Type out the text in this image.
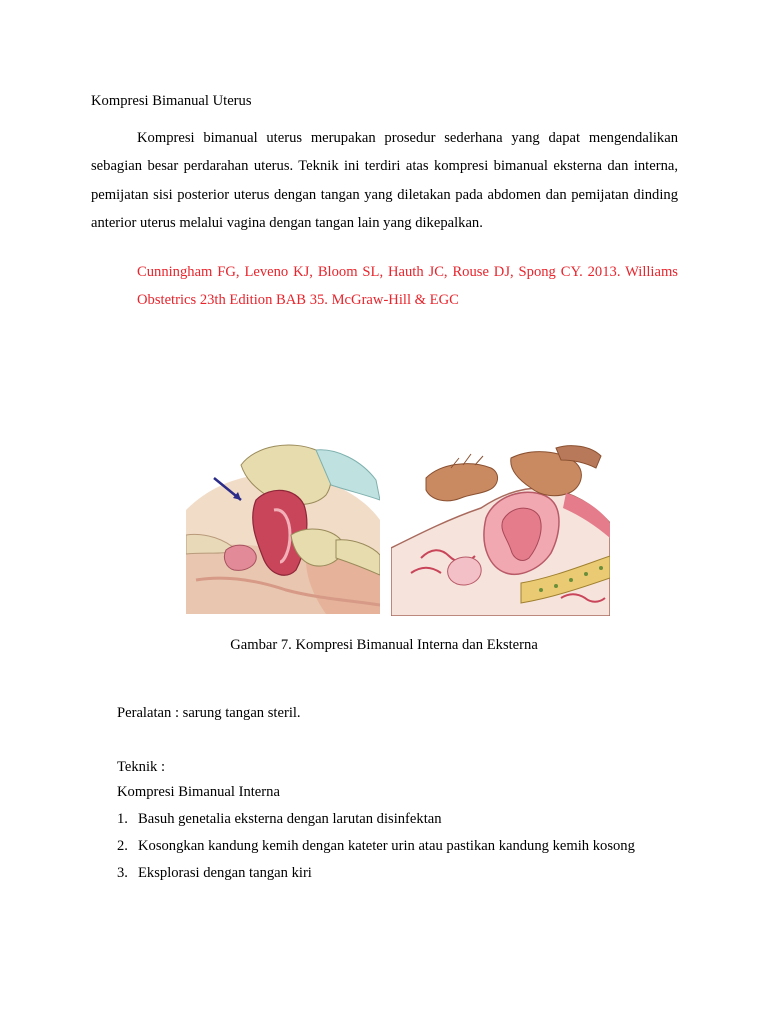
Kompresi Bimanual Uterus

Kompresi bimanual uterus merupakan prosedur sederhana yang dapat mengendalikan sebagian besar perdarahan uterus. Teknik ini terdiri atas kompresi bimanual eksterna dan interna, pemijatan sisi posterior uterus dengan tangan yang diletakan pada abdomen dan pemijatan dinding anterior uterus melalui vagina dengan tangan lain yang dikepalkan.

Cunningham FG, Leveno KJ, Bloom SL, Hauth JC, Rouse DJ, Spong CY. 2013. Williams Obstetrics 23th Edition BAB 35. McGraw-Hill & EGC

Gambar 7. Kompresi Bimanual Interna dan Eksterna
Peralatan : sarung tangan steril.
Teknik :
Kompresi Bimanual Interna
1. Basuh genetalia eksterna dengan larutan disinfektan
2. Kosongkan kandung kemih dengan kateter urin atau pastikan kandung kemih kosong
3. Eksplorasi dengan tangan kiri
